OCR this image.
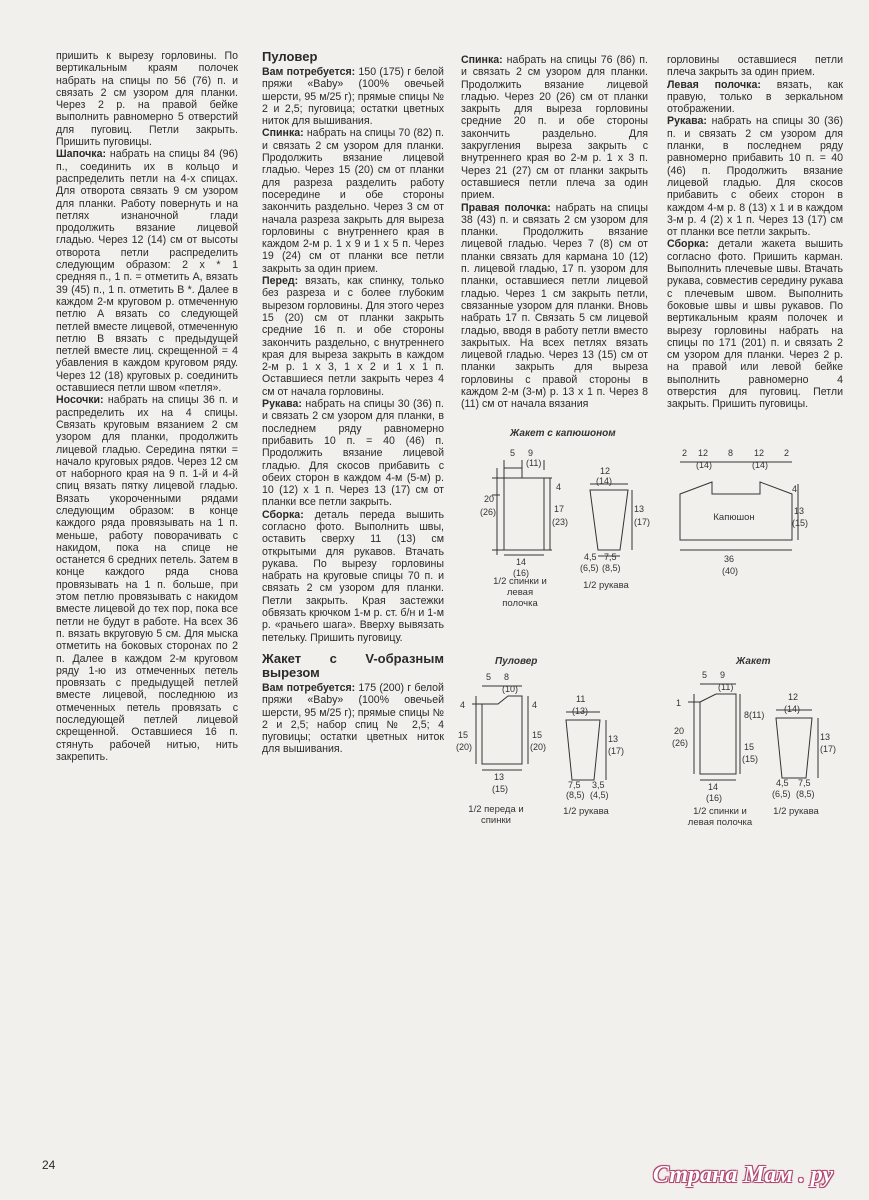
пришить к вырезу горловины. По вертикальным краям полочек набрать на спицы по 56 (76) п. и связать 2 см узором для планки. Через 2 р. на правой бейке выполнить равномерно 5 отверстий для пуговиц. Петли закрыть. Пришить пуговицы.

Шапочка: набрать на спицы 84 (96) п., соединить их в кольцо и распределить петли на 4-х спицах. Для отворота связать 9 см узором для планки. Работу повернуть и на петлях изнаночной глади продолжить вязание лицевой гладью. Через 12 (14) см от высоты отворота петли распределить следующим образом: 2 х * 1 средняя п., 1 п. = отметить А, вязать 39 (45) п., 1 п. отметить В *. Далее в каждом 2-м круговом р. отмеченную петлю А вязать со следующей петлей вместе лицевой, отмеченную петлю В вязать с предыдущей петлей вместе лиц. скрещенной = 4 убавления в каждом круговом ряду. Через 12 (18) круговых р. соединить оставшиеся петли швом «петля».

Носочки: набрать на спицы 36 п. и распределить их на 4 спицы. Связать круговым вязанием 2 см узором для планки, продолжить лицевой гладью. Середина пятки = начало круговых рядов. Через 12 см от наборного края на 9 п. 1-й и 4-й спиц вязать пятку лицевой гладью. Вязать укороченными рядами следующим образом: в конце каждого ряда провязывать на 1 п. меньше, работу поворачивать с накидом, пока на спице не останется 6 средних петель. Затем в конце каждого ряда снова провязывать на 1 п. больше, при этом петлю провязывать с накидом вместе лицевой до тех пор, пока все петли не будут в работе. На всех 36 п. вязать вкруговую 5 см. Для мыска отметить на боковых сторонах по 2 п. Далее в каждом 2-м круговом ряду 1-ю из отмеченных петель провязать с предыдущей петлей вместе лицевой, последнюю из отмеченных петель провязать с последующей петлей лицевой скрещенной. Оставшиеся 16 п. стянуть рабочей нитью, нить закрепить.

Пуловер

Вам потребуется: 150 (175) г белой пряжи «Baby» (100% овечьей шерсти, 95 м/25 г); прямые спицы № 2 и 2,5; пуговица; остатки цветных ниток для вышивания.

Спинка: набрать на спицы 70 (82) п. и связать 2 см узором для планки. Продолжить вязание лицевой гладью. Через 15 (20) см от планки для разреза разделить работу посередине и обе стороны закончить раздельно. Через 3 см от начала разреза закрыть для выреза горловины с внутреннего края в каждом 2-м р. 1 х 9 и 1 х 5 п. Через 19 (24) см от планки все петли закрыть за один прием.

Перед: вязать, как спинку, только без разреза и с более глубоким вырезом горловины. Для этого через 15 (20) см от планки закрыть средние 16 п. и обе стороны закончить раздельно, с внутреннего края для выреза закрыть в каждом 2-м р. 1 х 3, 1 х 2 и 1 х 1 п. Оставшиеся петли закрыть через 4 см от начала горловины.

Рукава: набрать на спицы 30 (36) п. и связать 2 см узором для планки, в последнем ряду равномерно прибавить 10 п. = 40 (46) п. Продолжить вязание лицевой гладью. Для скосов прибавить с обеих сторон в каждом 4-м (5-м) р. 10 (12) х 1 п. Через 13 (17) см от планки все петли закрыть.

Сборка: деталь переда вышить согласно фото. Выполнить швы, оставить сверху 11 (13) см открытыми для рукавов. Втачать рукава. По вырезу горловины набрать на круговые спицы 70 п. и связать 2 см узором для планки. Петли закрыть. Края застежки обвязать крючком 1-м р. ст. б/н и 1-м р. «рачьего шага». Вверху вывязать петельку. Пришить пуговицу.

Жакет с V-образным вырезом

Вам потребуется: 175 (200) г белой пряжи «Baby» (100% овечьей шерсти, 95 м/25 г); прямые спицы № 2 и 2,5; набор спиц № 2,5; 4 пуговицы; остатки цветных ниток для вышивания.

Спинка: набрать на спицы 76 (86) п. и связать 2 см узором для планки. Продолжить вязание лицевой гладью. Через 20 (26) см от планки закрыть для выреза горловины средние 20 п. и обе стороны закончить раздельно. Для закругления выреза закрыть с внутреннего края во 2-м р. 1 х 3 п. Через 21 (27) см от планки закрыть оставшиеся петли плеча за один прием.

Правая полочка: набрать на спицы 38 (43) п. и связать 2 см узором для планки. Продолжить вязание лицевой гладью. Через 7 (8) см от планки связать для кармана 10 (12) п. лицевой гладью, 17 п. узором для планки, оставшиеся петли лицевой гладью. Через 1 см закрыть петли, связанные узором для планки. Вновь набрать 17 п. Связать 5 см лицевой гладью, вводя в работу петли вместо закрытых. На всех петлях вязать лицевой гладью. Через 13 (15) см от планки закрыть для выреза горловины с правой стороны в каждом 2-м (3-м) р. 13 х 1 п. Через 8 (11) см от начала вязания

горловины оставшиеся петли плеча закрыть за один прием.

Левая полочка: вязать, как правую, только в зеркальном отображении.

Рукава: набрать на спицы 30 (36) п. и связать 2 см узором для планки, в последнем ряду равномерно прибавить 10 п. = 40 (46) п. Продолжить вязание лицевой гладью. Для скосов прибавить с обеих сторон в каждом 4-м р. 8 (13) х 1 и в каждом 3-м р. 4 (2) х 1 п. Через 13 (17) см от планки все петли закрыть.

Сборка: детали жакета вышить согласно фото. Пришить карман. Выполнить плечевые швы. Втачать рукава, совместив середину рукава с плечевым швом. Выполнить боковые швы и швы рукавов. По вертикальным краям полочек и вырезу горловины набрать на спицы по 171 (201) п. и связать 2 см узором для планки. Через 2 р. на правой или левой бейке выполнить равномерно 4 отверстия для пуговиц. Петли закрыть. Пришить пуговицы.

Жакет с капюшоном
5 9
(11)
20
(26)
4
17
(23)
14
(16)
1/2 спинки и левая полочка
12
(14)
13
(17)
4,5 7,5
(6,5) (8,5)
1/2 рукава
2 12
(14)
8 12
(14)
2
4
13
(15)
36
(40)
Капюшон
Пуловер
5 8
(10)
4
15
(20)
4
15
(20)
13
(15)
1/2 переда и спинки
11
(13)
13
(17)
7,5 3,5
(8,5) (4,5)
1/2 рукава
Жакет
5 9
(11)
1
20
(26)
8(11)
15
(15)
14
(16)
1/2 спинки и левая полочка
12
(14)
13
(17)
4,5 7,5
(6,5) (8,5)
1/2 рукава
24	Страна Мам . ру
